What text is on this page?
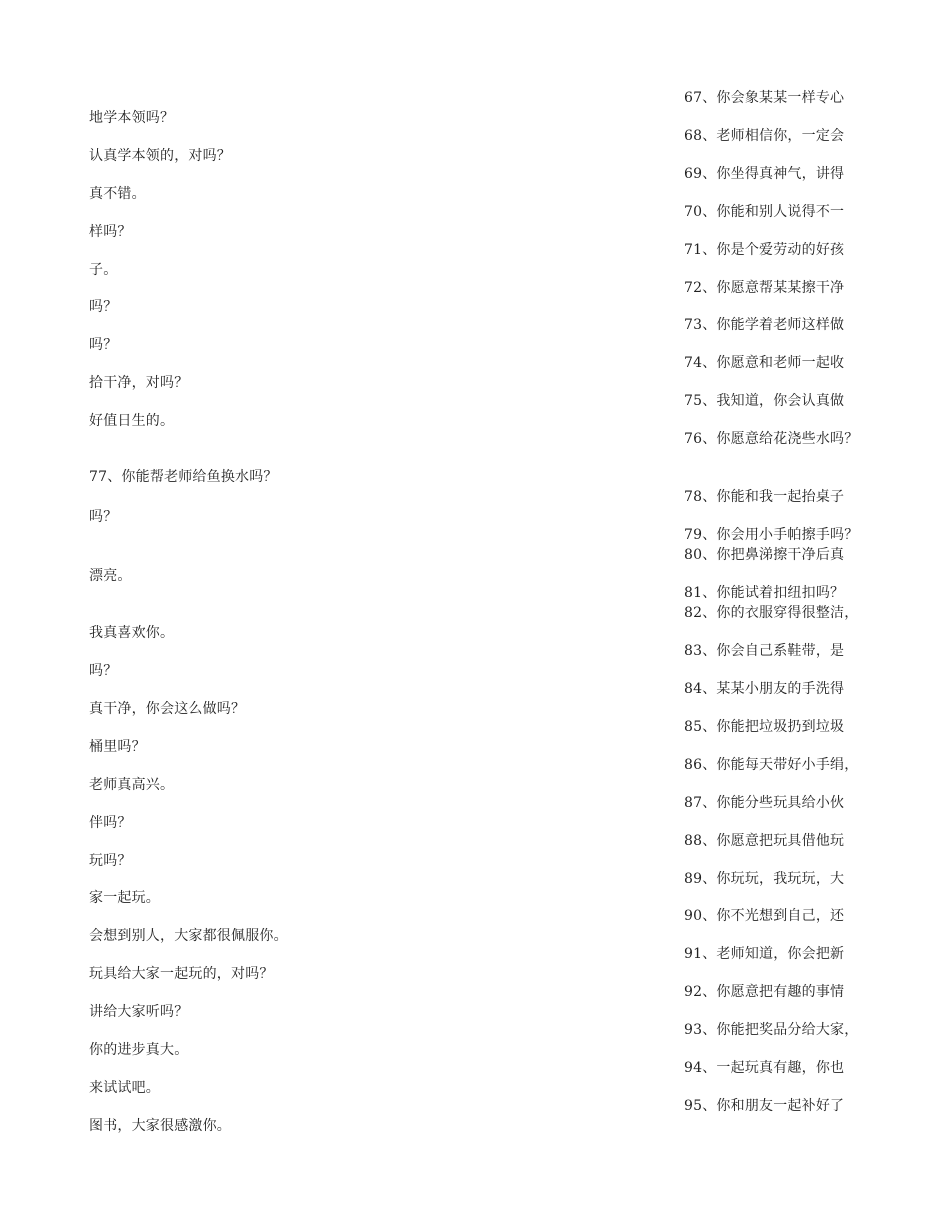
地学本领吗？
认真学本领的，对吗？
真不错。
样吗？
子。
吗？
吗？
拾干净，对吗？
好值日生的。
77、你能帮老师给鱼换水吗？
吗？
漂亮。
我真喜欢你。
吗？
真干净，你会这么做吗？
桶里吗？
老师真高兴。
伴吗？
玩吗？
家一起玩。
会想到别人，大家都很佩服你。
玩具给大家一起玩的，对吗？
讲给大家听吗？
你的进步真大。
来试试吧。
图书，大家很感激你。
67、你会象某某一样专心
68、老师相信你，一定会
69、你坐得真神气，讲得
70、你能和别人说得不一
71、你是个爱劳动的好孩
72、你愿意帮某某擦干净
73、你能学着老师这样做
74、你愿意和老师一起收
75、我知道，你会认真做
76、你愿意给花浇些水吗？
78、你能和我一起抬桌子
79、你会用小手帕擦手吗？
80、你把鼻涕擦干净后真
81、你能试着扣纽扣吗？
82、你的衣服穿得很整洁，
83、你会自己系鞋带，是
84、某某小朋友的手洗得
85、你能把垃圾扔到垃圾
86、你能每天带好小手绢，
87、你能分些玩具给小伙
88、你愿意把玩具借他玩
89、你玩玩，我玩玩，大
90、你不光想到自己，还
91、老师知道，你会把新
92、你愿意把有趣的事情
93、你能把奖品分给大家，
94、一起玩真有趣，你也
95、你和朋友一起补好了
